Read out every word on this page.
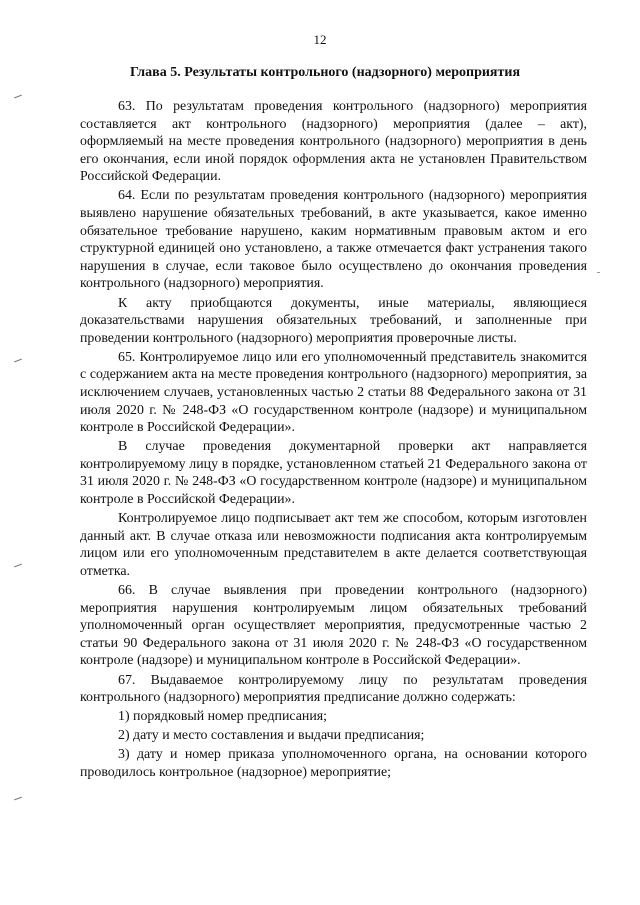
12
Глава 5. Результаты контрольного (надзорного) мероприятия

63. По результатам проведения контрольного (надзорного) мероприятия составляется акт контрольного (надзорного) мероприятия (далее – акт), оформляемый на месте проведения контрольного (надзорного) мероприятия в день его окончания, если иной порядок оформления акта не установлен Правительством Российской Федерации.

64. Если по результатам проведения контрольного (надзорного) мероприятия выявлено нарушение обязательных требований, в акте указывается, какое именно обязательное требование нарушено, каким нормативным правовым актом и его структурной единицей оно установлено, а также отмечается факт устранения такого нарушения в случае, если таковое было осуществлено до окончания проведения контрольного (надзорного) мероприятия.

К акту приобщаются документы, иные материалы, являющиеся доказательствами нарушения обязательных требований, и заполненные при проведении контрольного (надзорного) мероприятия проверочные листы.

65. Контролируемое лицо или его уполномоченный представитель знакомится с содержанием акта на месте проведения контрольного (надзорного) мероприятия, за исключением случаев, установленных частью 2 статьи 88 Федерального закона от 31 июля 2020 г. № 248-ФЗ «О государственном контроле (надзоре) и муниципальном контроле в Российской Федерации».

В случае проведения документарной проверки акт направляется контролируемому лицу в порядке, установленном статьей 21 Федерального закона от 31 июля 2020 г. № 248-ФЗ «О государственном контроле (надзоре) и муниципальном контроле в Российской Федерации».

Контролируемое лицо подписывает акт тем же способом, которым изготовлен данный акт. В случае отказа или невозможности подписания акта контролируемым лицом или его уполномоченным представителем в акте делается соответствующая отметка.

66. В случае выявления при проведении контрольного (надзорного) мероприятия нарушения контролируемым лицом обязательных требований уполномоченный орган осуществляет мероприятия, предусмотренные частью 2 статьи 90 Федерального закона от 31 июля 2020 г. № 248-ФЗ «О государственном контроле (надзоре) и муниципальном контроле в Российской Федерации».

67. Выдаваемое контролируемому лицу по результатам проведения контрольного (надзорного) мероприятия предписание должно содержать:

1) порядковый номер предписания;

2) дату и место составления и выдачи предписания;

3) дату и номер приказа уполномоченного органа, на основании которого проводилось контрольное (надзорное) мероприятие;
